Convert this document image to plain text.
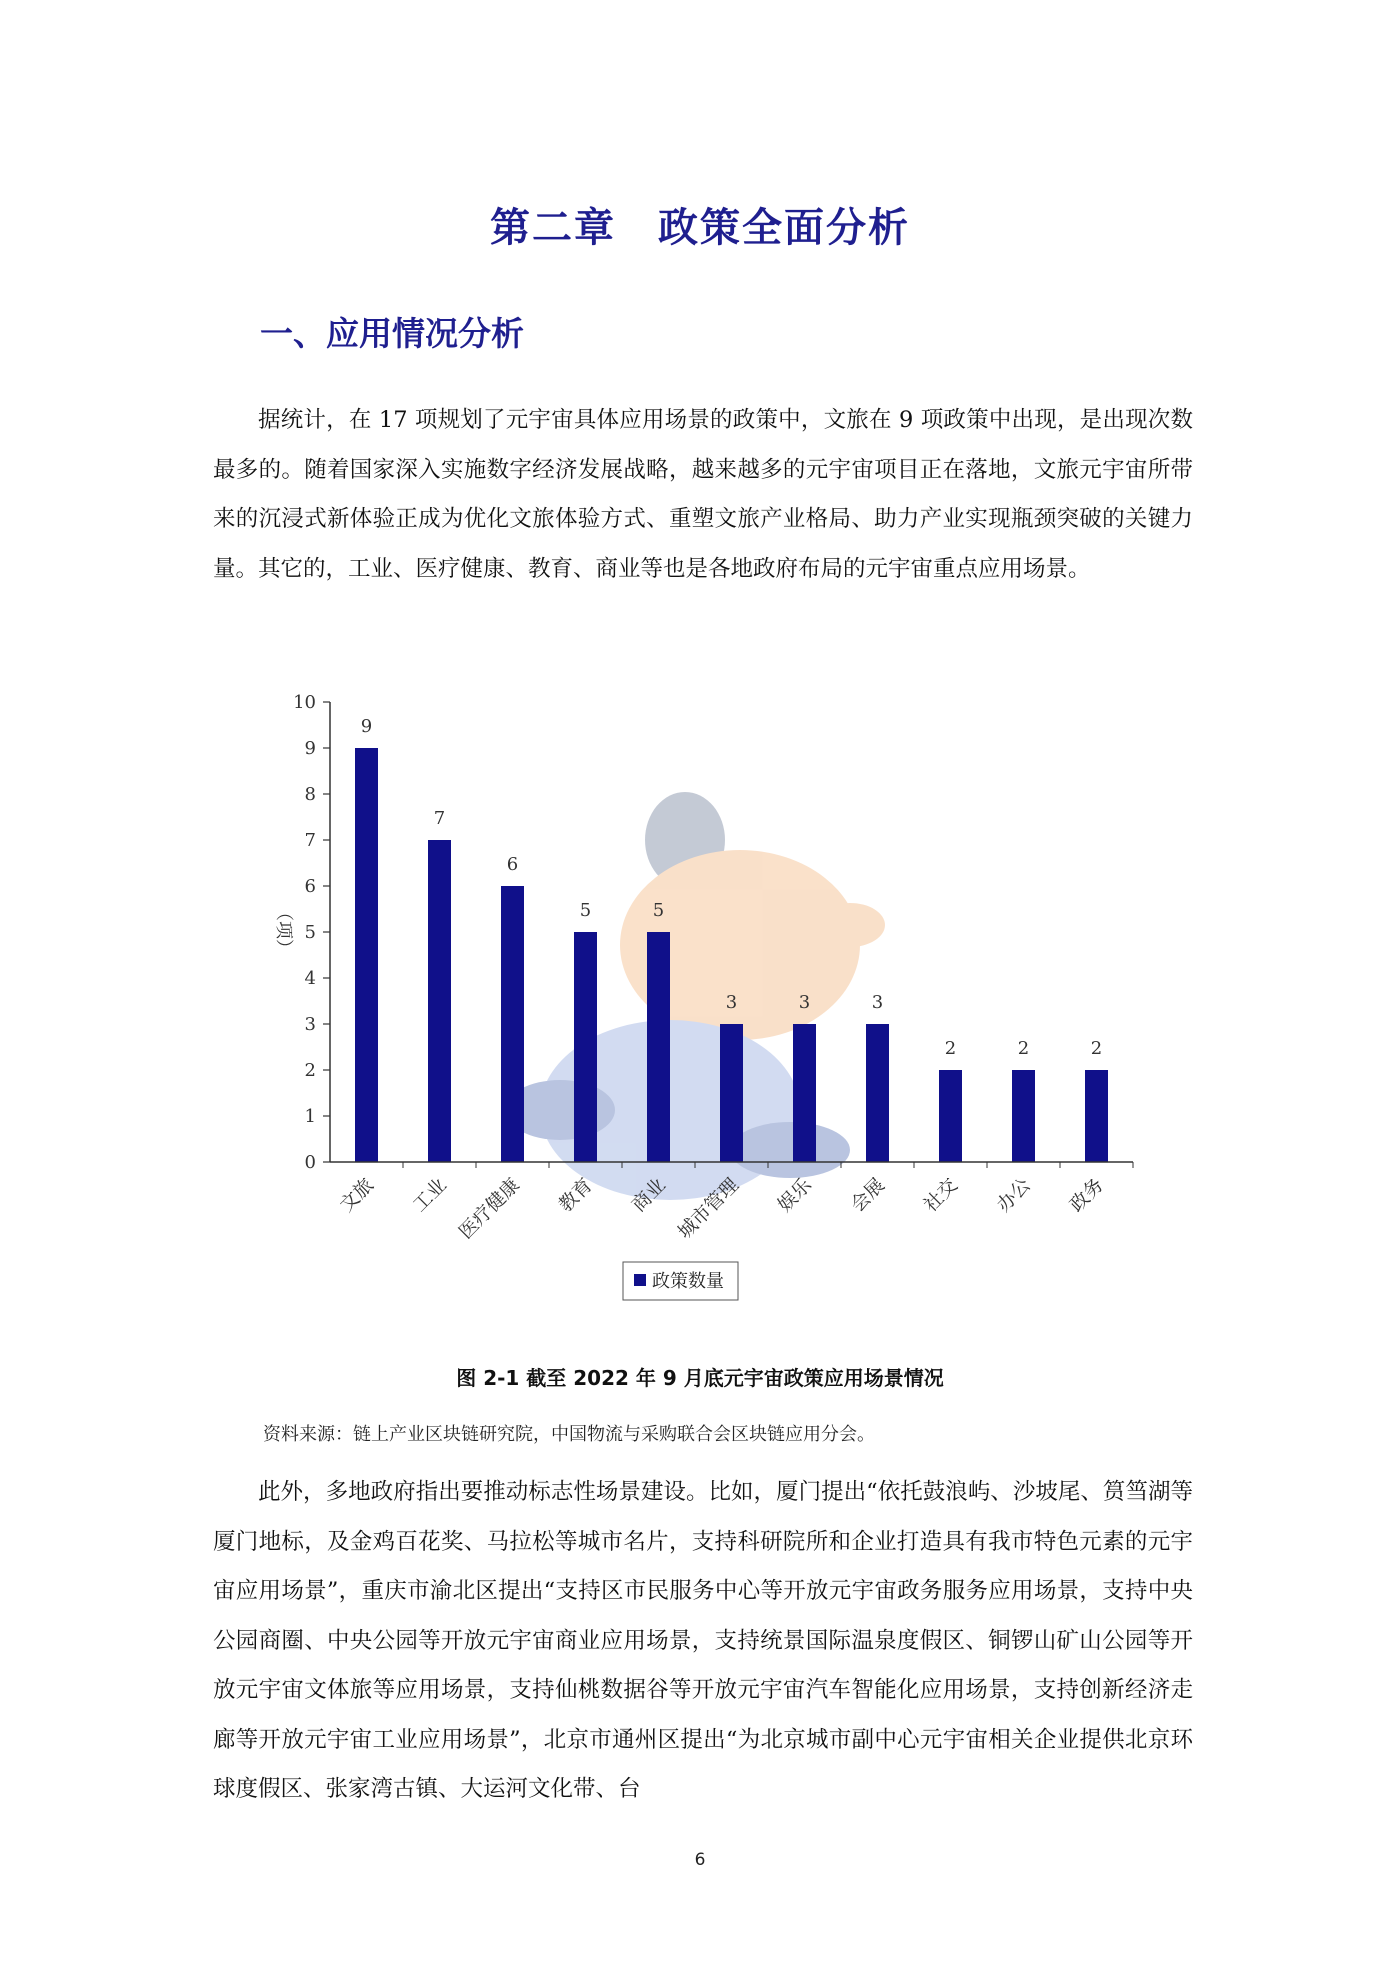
第二章　政策全面分析
一、应用情况分析

据统计，在 17 项规划了元宇宙具体应用场景的政策中，文旅在 9 项政策中出现，是出现次数最多的。随着国家深入实施数字经济发展战略，越来越多的元宇宙项目正在落地，文旅元宇宙所带来的沉浸式新体验正成为优化文旅体验方式、重塑文旅产业格局、助力产业实现瓶颈突破的关键力量。其它的，工业、医疗健康、教育、商业等也是各地政府布局的元宇宙重点应用场景。

0
1
2
3
4
5
6
7
8
9
10
9
7
6
5	5
3	3	3
2	2	2
文旅 工业 医疗健康 教育 商业 城市管理 娱乐 会展 社交 办公 政务
（项）
政策数量
图 2-1 截至 2022 年 9 月底元宇宙政策应用场景情况
资料来源：链上产业区块链研究院，中国物流与采购联合会区块链应用分会。

此外，多地政府指出要推动标志性场景建设。比如，厦门提出“依托鼓浪屿、沙坡尾、筼筜湖等厦门地标，及金鸡百花奖、马拉松等城市名片，支持科研院所和企业打造具有我市特色元素的元宇宙应用场景”，重庆市渝北区提出“支持区市民服务中心等开放元宇宙政务服务应用场景，支持中央公园商圈、中央公园等开放元宇宙商业应用场景，支持统景国际温泉度假区、铜锣山矿山公园等开放元宇宙文体旅等应用场景，支持仙桃数据谷等开放元宇宙汽车智能化应用场景，支持创新经济走廊等开放元宇宙工业应用场景”，北京市通州区提出“为北京城市副中心元宇宙相关企业提供北京环球度假区、张家湾古镇、大运河文化带、台

6
